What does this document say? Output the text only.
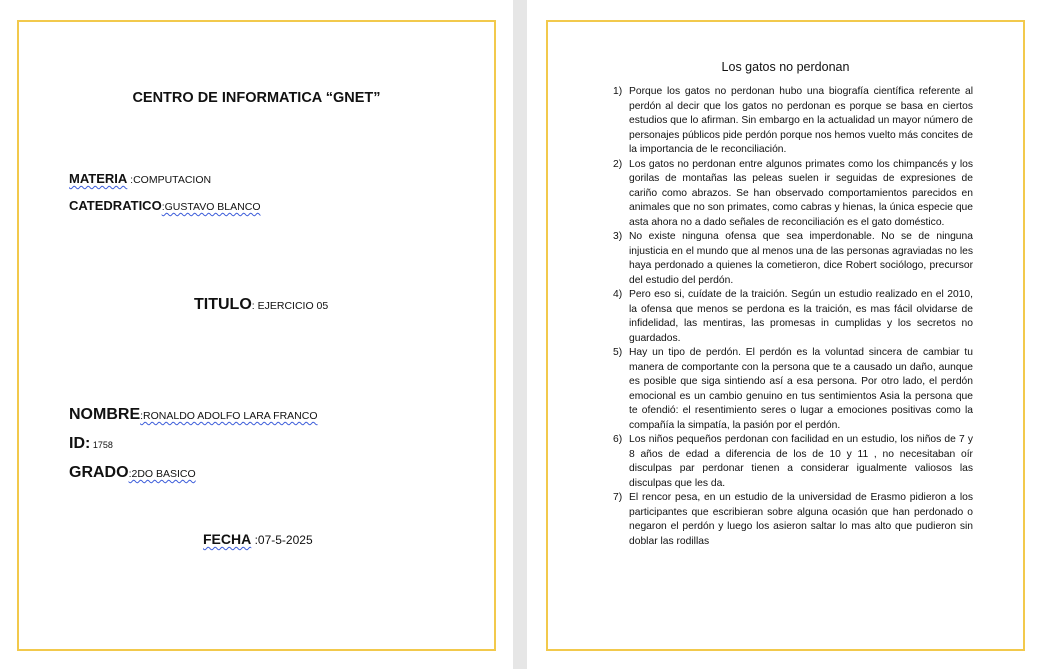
CENTRO DE INFORMATICA “GNET”
MATERIA :COMPUTACION
CATEDRATICO:GUSTAVO BLANCO
TITULO: EJERCICIO 05
NOMBRE:RONALDO ADOLFO LARA FRANCO
ID: 1758
GRADO:2DO BASICO
FECHA :07-5-2025
Los gatos no perdonan
1) Porque los gatos no perdonan hubo una biografía científica referente al perdón al decir que los gatos no perdonan es porque se basa en ciertos estudios que lo afirman. Sin embargo en la actualidad un mayor número de personajes públicos pide perdón porque nos hemos vuelto más concites de la importancia de le reconciliación.
2) Los gatos no perdonan entre algunos primates como los chimpancés y los gorilas de montañas las peleas suelen ir seguidas de expresiones de cariño como abrazos. Se han observado comportamientos parecidos en animales que no son primates, como cabras y hienas, la única especie que asta ahora no a dado señales de reconciliación es el gato doméstico.
3) No existe ninguna ofensa que sea imperdonable. No se de ninguna injusticia en el mundo que al menos una de las personas agraviadas no les haya perdonado a quienes la cometieron, dice Robert sociólogo, precursor del estudio del perdón.
4) Pero eso si, cuídate de la traición. Según un estudio realizado en el 2010, la ofensa que menos se perdona es la traición, es mas fácil olvidarse de infidelidad, las mentiras, las promesas in cumplidas y los secretos no guardados.
5) Hay un tipo de perdón. El perdón es la voluntad sincera de cambiar tu manera de comportante con la persona que te a causado un daño, aunque es posible que siga sintiendo así a esa persona. Por otro lado, el perdón emocional es un cambio genuino en tus sentimientos Asia la persona que te ofendió: el resentimiento seres o lugar a emociones positivas como la compañía la simpatía, la pasión por el perdón.
6) Los niños pequeños perdonan con facilidad en un estudio, los niños de 7 y 8 años de edad a diferencia de los de 10 y 11 , no necesitaban oír disculpas par perdonar tienen a considerar igualmente valiosos las disculpas que les da.
7) El rencor pesa, en un estudio de la universidad de Erasmo pidieron a los participantes que escribieran sobre alguna ocasión que han perdonado o negaron el perdón y luego los asieron saltar lo mas alto que pudieron sin doblar las rodillas
